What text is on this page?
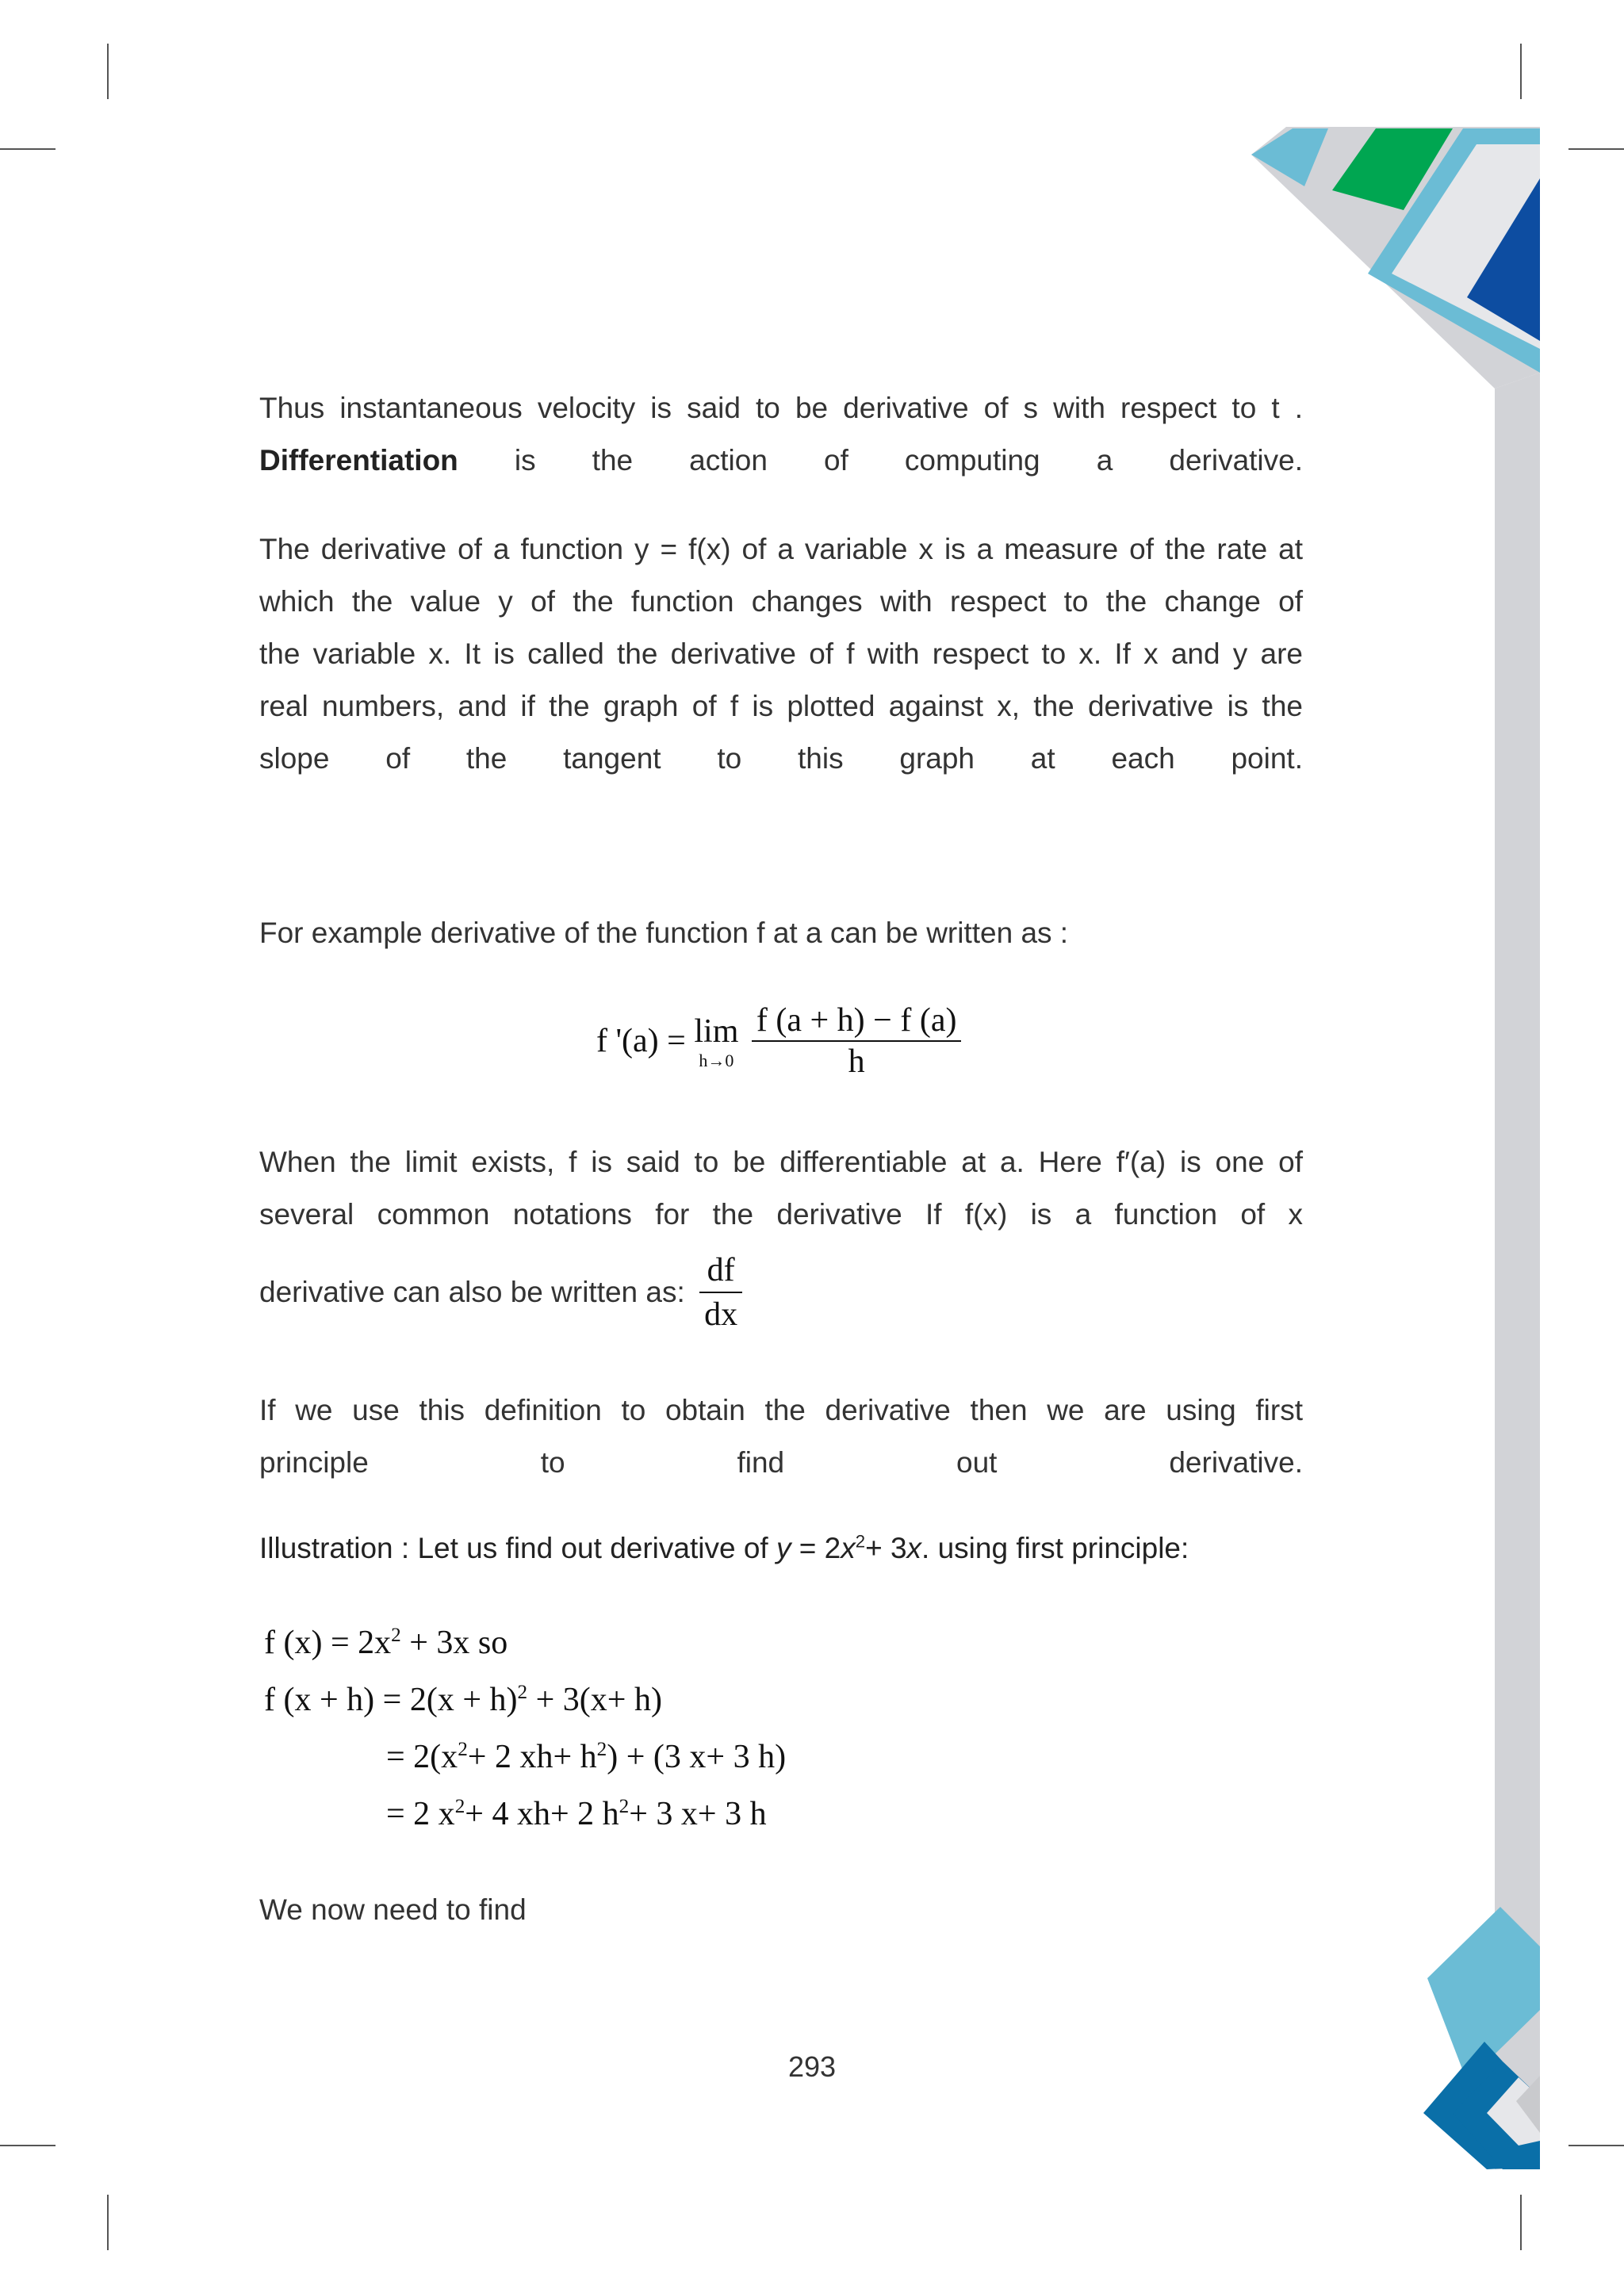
Thus instantaneous velocity is said to be derivative of s with respect to t .
Differentiation is the action of computing a derivative.

The derivative of a function y = f(x) of a variable x is a measure of the rate at
which the value y of the function changes with respect to the change of
the variable x. It is called the derivative of f with respect to x. If x and y are
real numbers, and if the graph of f is plotted against x, the derivative is the
slope of the tangent to this graph at each point.

For example derivative of the function f at a can be written as :

f '(a) = lim
h→0
$\frac{f (a + h) - f (a)}{h}$

When the limit exists, f is said to be differentiable at a. Here f′(a) is one of
several common notations for the derivative If f(x) is a function of x

derivative can also be written as: $\frac{df}{dx}$

If we use this definition to obtain the derivative then we are using first
principle to find out derivative.

Illustration : Let us find out derivative of $y = 2x^2+ 3x$. using first principle:
f $(x) = 2x^2 + 3x$ so
f $(x + h) = 2(x + h)^2 + 3(x+ h)$
= $2(x^2+ 2$ $xh+ h^2) + (3$ x+ 3 h)
= 2 $x^2+ 4$ xh+ 2 $h^2+ 3$ x+ 3 h
We now need to find
293
